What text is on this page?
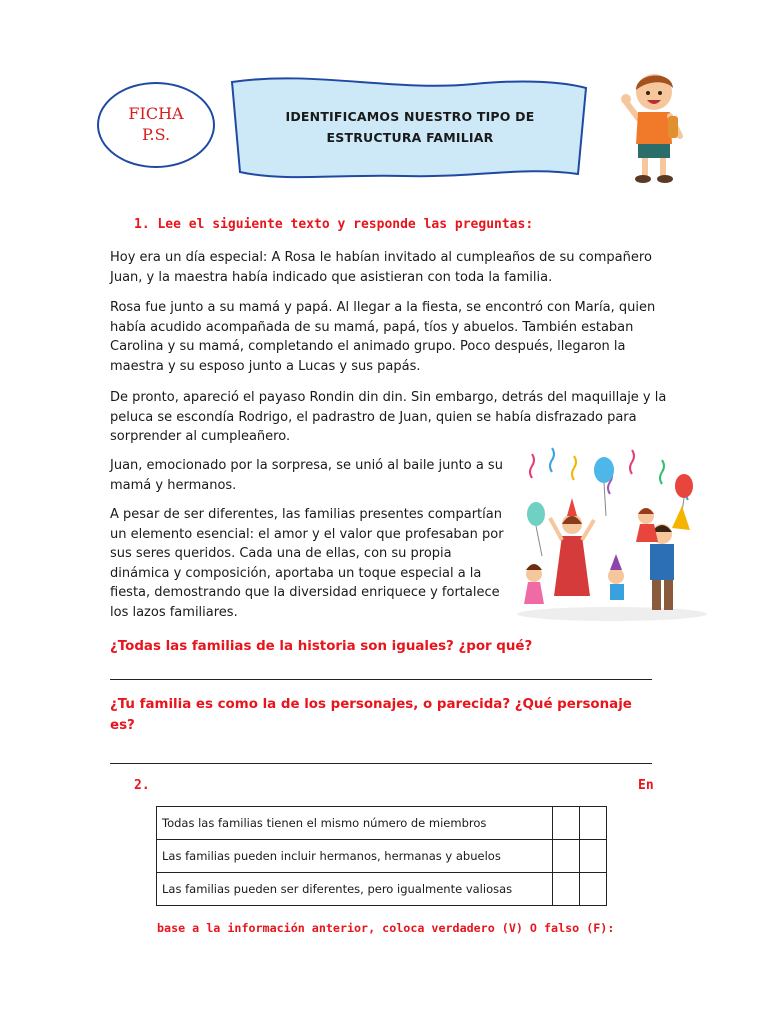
FICHA
P.S.
IDENTIFICAMOS NUESTRO TIPO DE
ESTRUCTURA FAMILIAR
1. Lee el siguiente texto y responde las preguntas:

Hoy era un día especial: A Rosa le habían invitado al cumpleaños de su compañero Juan, y la maestra había indicado que asistieran con toda la familia.

Rosa fue junto a su mamá y papá. Al llegar a la fiesta, se encontró con María, quien había acudido acompañada de su mamá, papá, tíos y abuelos. También estaban Carolina y su mamá, completando el animado grupo. Poco después, llegaron la maestra y su esposo junto a Lucas y sus papás.

De pronto, apareció el payaso Rondin din din. Sin embargo, detrás del maquillaje y la peluca se escondía Rodrigo, el padrastro de Juan, quien se había disfrazado para sorprender al cumpleañero.

Juan, emocionado por la sorpresa, se unió al baile junto a su mamá y hermanos.

A pesar de ser diferentes, las familias presentes compartían un elemento esencial: el amor y el valor que profesaban por sus seres queridos. Cada una de ellas, con su propia dinámica y composición, aportaba un toque especial a la fiesta, demostrando que la diversidad enriquece y fortalece los lazos familiares.

¿Todas las familias de la historia son iguales? ¿por qué?
¿Tu familia es como la de los personajes, o parecida? ¿Qué personaje es?
2.	En
Todas las familias tienen el mismo número de miembros		
Las familias pueden incluir hermanos, hermanas y abuelos		
Las familias pueden ser diferentes, pero igualmente valiosas		
base a la información anterior, coloca verdadero (V) O falso (F):
